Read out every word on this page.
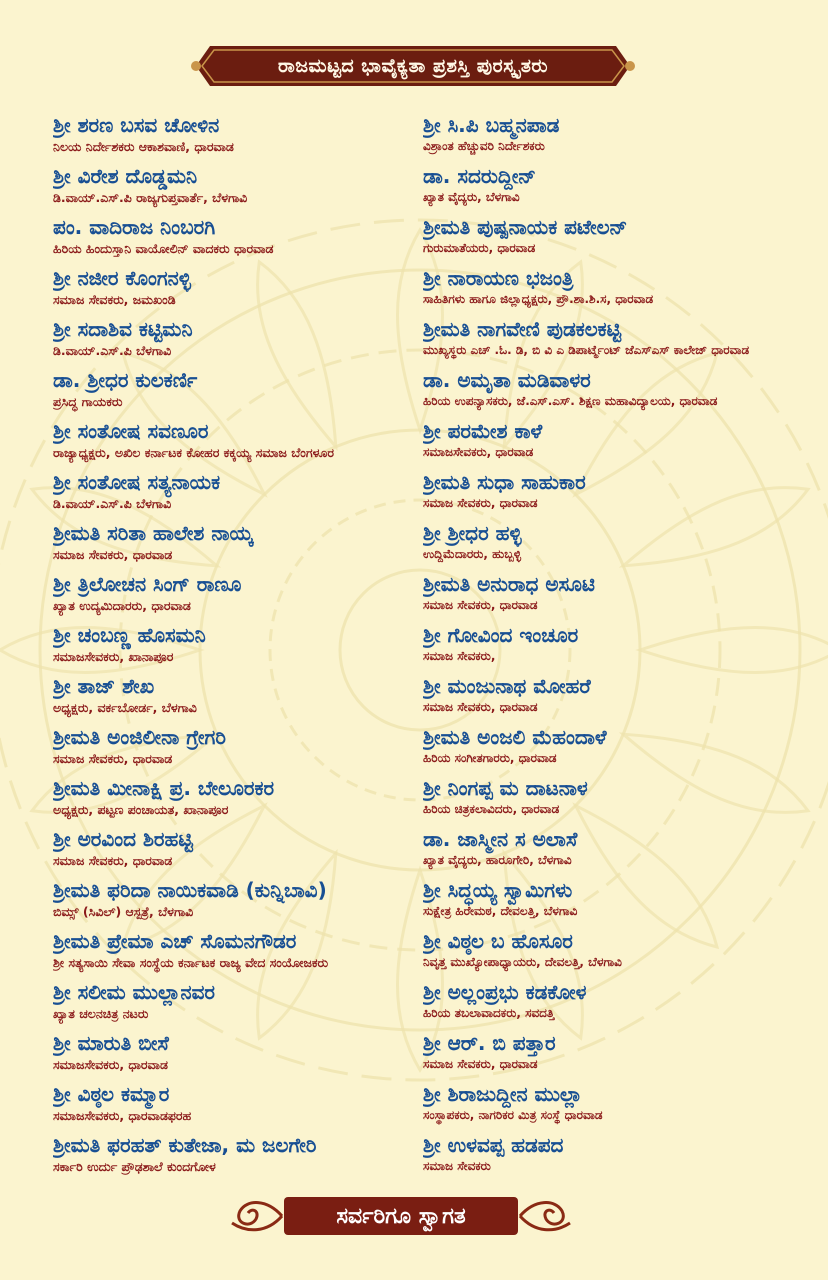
ರಾಜಮಟ್ಟದ ಭಾವೈಕ್ಯತಾ ಪ್ರಶಸ್ತಿ ಪುರಸ್ಕೃತರು
ಶ್ರೀ ಶರಣ ಬಸವ ಚೋಳಿನ
ನಿಲಯ ನಿರ್ದೇಶಕರು ಆಕಾಶವಾಣಿ, ಧಾರವಾಡ
ಶ್ರೀ ವಿರೇಶ ದೊಡ್ಡಮನಿ
ಡಿ.ವಾಯ್.ಎಸ್.ಪಿ ರಾಜ್ಯಗುಪ್ತವಾರ್ತೆ, ಬೆಳಗಾವಿ
ಪಂ. ವಾದಿರಾಜ ನಿಂಬರಗಿ
ಹಿರಿಯ ಹಿಂದುಸ್ತಾನಿ ವಾಯೋಲಿನ್ ವಾದಕರು ಧಾರವಾಡ
ಶ್ರೀ ನಜೀರ ಕೊಂಗನಳ್ಳಿ
ಸಮಾಜ ಸೇವಕರು, ಜಮಖಂಡಿ
ಶ್ರೀ ಸದಾಶಿವ ಕಟ್ಟಿಮನಿ
ಡಿ.ವಾಯ್.ಎಸ್.ಪಿ ಬೆಳಗಾವಿ
ಡಾ. ಶ್ರೀಧರ ಕುಲಕರ್ಣಿ
ಪ್ರಸಿದ್ಧ ಗಾಯಕರು
ಶ್ರೀ ಸಂತೋಷ ಸವಣೂರ
ರಾಜ್ಯಾಧ್ಯಕ್ಷರು, ಅಖಿಲ ಕರ್ನಾಟಕ ಕೋಹರ ಕಕ್ಕಯ್ಯ ಸಮಾಜ ಬೆಂಗಳೂರ
ಶ್ರೀ ಸಂತೋಷ ಸತ್ಯನಾಯಕ
ಡಿ.ವಾಯ್.ಎಸ್.ಪಿ ಬೆಳಗಾವಿ
ಶ್ರೀಮತಿ ಸರಿತಾ ಹಾಲೇಶ ನಾಯ್ಕ
ಸಮಾಜ ಸೇವಕರು, ಧಾರವಾಡ
ಶ್ರೀ ತ್ರಿಲೋಚನ ಸಿಂಗ್ ರಾಣೂ
ಖ್ಯಾತ ಉದ್ಯಮಿದಾರರು, ಧಾರವಾಡ
ಶ್ರೀ ಚಂಬಣ್ಣ ಹೊಸಮನಿ
ಸಮಾಜಸೇವಕರು, ಖಾನಾಪೂರ
ಶ್ರೀ ತಾಜ್ ಶೇಖ
ಅಧ್ಯಕ್ಷರು, ವರ್ಕಬೋರ್ಡ, ಬೆಳಗಾವಿ
ಶ್ರೀಮತಿ ಅಂಜಿಲೀನಾ ಗ್ರೇಗರಿ
ಸಮಾಜ ಸೇವಕರು, ಧಾರವಾಡ
ಶ್ರೀಮತಿ ಮೀನಾಕ್ಷಿ ಪ್ರ. ಬೇಲೂರಕರ
ಅಧ್ಯಕ್ಷರು, ಪಟ್ಟಣ ಪಂಚಾಯತ, ಖಾನಾಪೂರ
ಶ್ರೀ ಅರವಿಂದ ಶಿರಹಟ್ಟಿ
ಸಮಾಜ ಸೇವಕರು, ಧಾರವಾಡ
ಶ್ರೀಮತಿ ಫರಿದಾ ನಾಯಿಕವಾಡಿ (ಕುನ್ನಿಬಾವಿ)
ಬಿಮ್ಸ್ (ಸಿವಿಲ್) ಆಸ್ಪತ್ರೆ, ಬೆಳಗಾವಿ
ಶ್ರೀಮತಿ ಪ್ರೇಮಾ ಎಚ್ ಸೊಮನಗೌಡರ
ಶ್ರೀ ಸತ್ಯಸಾಯಿ ಸೇವಾ ಸಂಸ್ಥೆಯ ಕರ್ನಾಟಕ ರಾಜ್ಯ ವೇದ ಸಂಯೋಜಕರು
ಶ್ರೀ ಸಲೀಮ ಮುಲ್ಲಾನವರ
ಖ್ಯಾತ ಚಲನಚಿತ್ರ ನಟರು
ಶ್ರೀ ಮಾರುತಿ ಬೀಸೆ
ಸಮಾಜಸೇವಕರು, ಧಾರವಾಡ
ಶ್ರೀ ವಿಠ್ಠಲ ಕಮ್ಮಾರ
ಸಮಾಜಸೇವಕರು, ಧಾರವಾಡಫರಹ
ಶ್ರೀಮತಿ ಫರಹತ್ ಕುತೇಜಾ, ಮ ಜಲಗೇರಿ
ಸರ್ಕಾರಿ ಉರ್ದು ಪ್ರೌಢಶಾಲೆ ಕುಂದಗೋಳ
ಶ್ರೀ ಸಿ.ಪಿ ಬಹ್ಮನಪಾಡ
ವಿಶ್ರಾಂತ ಹೆಚ್ಚುವರಿ ನಿರ್ದೇಶಕರು
ಡಾ. ಸದರುದ್ದೀನ್
ಖ್ಯಾತ ವೈದ್ಯರು, ಬೆಳಗಾವಿ
ಶ್ರೀಮತಿ ಪುಷ್ಪನಾಯಕ ಪಟೇಲನ್
ಗುರುಮಾತೆಯರು, ಧಾರವಾಡ
ಶ್ರೀ ನಾರಾಯಣ ಭಜಂತ್ರಿ
ಸಾಹಿತಿಗಳು ಹಾಗೂ ಜಿಲ್ಲಾಧ್ಯಕ್ಷರು, ಪ್ರೌ.ಶಾ.ಶಿ.ಸ, ಧಾರವಾಡ
ಶ್ರೀಮತಿ ನಾಗವೇಣಿ ಪುಡಕಲಕಟ್ಟಿ
ಮುಖ್ಯಸ್ಥರು ಎಚ್ .ಓ. ಡಿ, ಬಿ ವಿ ಎ ಡಿಪಾರ್ಟ್ಮೆಂಟ್ ಜೆಎಸ್ಎಸ್ ಕಾಲೇಜ್ ಧಾರವಾಡ
ಡಾ. ಅಮೃತಾ ಮಡಿವಾಳರ
ಹಿರಿಯ ಉಪನ್ಯಾಸಕರು, ಜೆ.ಎಸ್.ಎಸ್. ಶಿಕ್ಷಣ ಮಹಾವಿದ್ಯಾಲಯ, ಧಾರವಾಡ
ಶ್ರೀ ಪರಮೇಶ ಕಾಳೆ
ಸಮಾಜಸೇವಕರು, ಧಾರವಾಡ
ಶ್ರೀಮತಿ ಸುಧಾ ಸಾಹುಕಾರ
ಸಮಾಜ ಸೇವಕರು, ಧಾರವಾಡ
ಶ್ರೀ ಶ್ರೀಧರ ಹಳ್ಳಿ
ಉದ್ದಿಮೆದಾರರು, ಹುಬ್ಬಳ್ಳಿ
ಶ್ರೀಮತಿ ಅನುರಾಧ ಅಸೂಟಿ
ಸಮಾಜ ಸೇವಕರು, ಧಾರವಾಡ
ಶ್ರೀ ಗೋವಿಂದ ಇಂಚೂರ
ಸಮಾಜ ಸೇವಕರು,
ಶ್ರೀ ಮಂಜುನಾಥ ಮೋಹರೆ
ಸಮಾಜ ಸೇವಕರು, ಧಾರವಾಡ
ಶ್ರೀಮತಿ ಅಂಜಲಿ ಮೆಹಂದಾಳೆ
ಹಿರಿಯ ಸಂಗೀತಗಾರರು, ಧಾರವಾಡ
ಶ್ರೀ ನಿಂಗಪ್ಪ ಮ ದಾಟನಾಳ
ಹಿರಿಯ ಚಿತ್ರಕಲಾವಿದರು, ಧಾರವಾಡ
ಡಾ. ಜಾಸ್ಮೀನ ಸ ಅಲಾಸೆ
ಖ್ಯಾತ ವೈದ್ಯರು, ಹಾರೂಗೇರಿ, ಬೆಳಗಾವಿ
ಶ್ರೀ ಸಿದ್ಧಯ್ಯ ಸ್ವಾಮಿಗಳು
ಸುಕ್ಷೇತ್ರ ಹಿರೇಮಠ, ದೇವಲತ್ತಿ, ಬೆಳಗಾವಿ
ಶ್ರೀ ವಿಠ್ಠಲ ಬ ಹೊಸೂರ
ನಿವೃತ್ತ ಮುಖ್ಯೋಪಾಧ್ಯಾಯರು, ದೇವಲತ್ತಿ, ಬೆಳಗಾವಿ
ಶ್ರೀ ಅಲ್ಲಂಪ್ರಭು ಕಡಕೋಳ
ಹಿರಿಯ ತಬಲಾವಾದಕರು, ಸವದತ್ತಿ
ಶ್ರೀ ಆರ್. ಬಿ ಪತ್ತಾರ
ಸಮಾಜ ಸೇವಕರು, ಧಾರವಾಡ
ಶ್ರೀ ಶಿರಾಜುದ್ದೀನ ಮುಲ್ಲಾ
ಸಂಸ್ಥಾಪಕರು, ನಾಗರಿಕರ ಮಿತ್ರ ಸಂಸ್ಥೆ ಧಾರವಾಡ
ಶ್ರೀ ಉಳವಪ್ಪ ಹಡಪದ
ಸಮಾಜ ಸೇವಕರು
ಸರ್ವರಿಗೂ ಸ್ವಾಗತ
